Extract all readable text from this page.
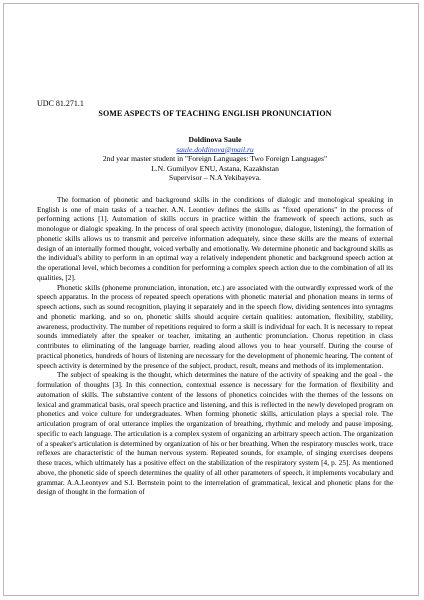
UDC 81.271.1

SOME ASPECTS OF TEACHING ENGLISH PRONUNCIATION

Doldinova Saule
saule.doldinova@mail.ru
2nd year master student in "Foreign Languages: Two Foreign Languages"
L.N. Gumilyov ENU, Astana, Kazakhstan
Supervisor – N.A Yekibayeva.

The formation of phonetic and background skills in the conditions of dialogic and monological speaking in English is one of main tasks of a teacher. A.N. Leontiev defines the skills as "fixed operations" in the process of performing actions [1]. Automation of skills occurs in practice within the framework of speech actions, such as monologue or dialogic speaking. In the process of oral speech activity (monologue, dialogue, listening), the formation of phonetic skills allows us to transmit and perceive information adequately, since these skills are the means of external design of an internally formed thought, voiced verbally and emotionally. We determine phonetic and background skills as the individual's ability to perform in an optimal way a relatively independent phonetic and background speech action at the operational level, which becomes a condition for performing a complex speech action due to the combination of all its qualities, [2].

Phonetic skills (phoneme pronunciation, intonation, etc.) are associated with the outwardly expressed work of the speech apparatus. In the process of repeated speech operations with phonetic material and phonation means in terms of speech actions, such as sound recognition, playing it separately and in the speech flow, dividing sentences into syntagms and phonetic marking, and so on, phonetic skills should acquire certain qualities: automation, flexibility, stability, awareness, productivity. The number of repetitions required to form a skill is individual for each. It is necessary to repeat sounds immediately after the speaker or teacher, imitating an authentic pronunciation. Chorus repetition in class contributes to eliminating of the language barrier, reading aloud allows you to hear yourself. During the course of practical phonetics, hundreds of hours of listening are necessary for the development of phonemic hearing. The content of speech activity is determined by the presence of the subject, product, result, means and methods of its implementation.

The subject of speaking is the thought, which determines the nature of the activity of speaking and the goal - the formulation of thoughts [3]. In this connection, contextual essence is necessary for the formation of flexibility and automation of skills. The substantive content of the lessons of phonetics coincides with the themes of the lessons on lexical and grammatical basis, oral speech practice and listening, and this is reflected in the newly developed program on phonetics and voice culture for undergraduates. When forming phonetic skills, articulation plays a special role. The articulation program of oral utterance implies the organization of breathing, rhythmic and melody and pause imposing, specific to each language. The articulation is a complex system of organizing an arbitrary speech action. The organization of a speaker's articulation is determined by organization of his or her breathing. When the respiratory muscles work, trace reflexes are characteristic of the human nervous system. Repeated sounds, for example, of singing exercises deepens these traces, which ultimately has a positive effect on the stabilization of the respiratory system [4, p. 25]. As mentioned above, the phonetic side of speech determines the quality of all other parameters of speech, it implements vocabulary and grammar. A.A.Leontyev and S.I. Bernstein point to the interrelation of grammatical, lexical and phonetic plans for the design of thought in the formation of
